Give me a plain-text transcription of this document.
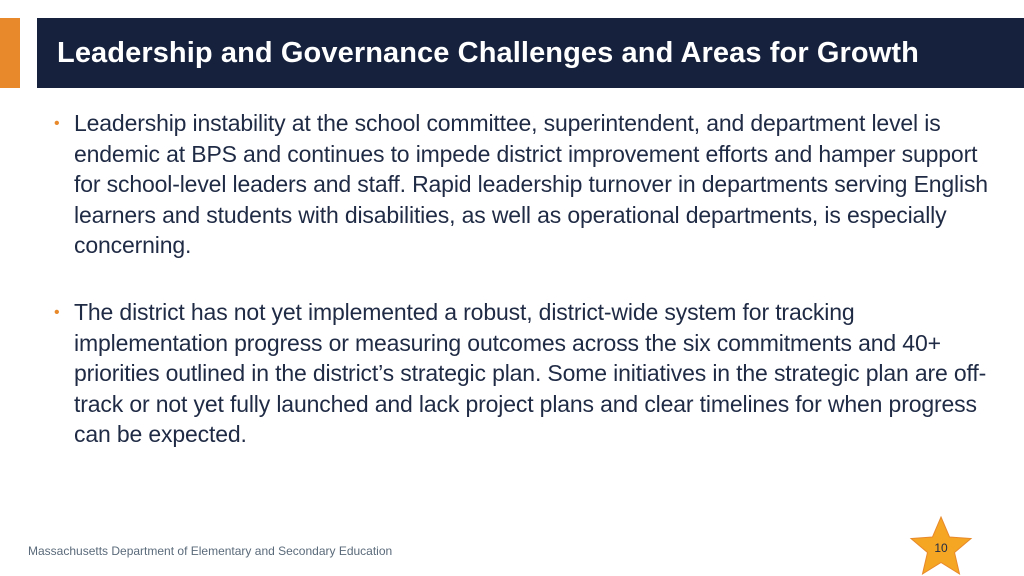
Leadership and Governance Challenges and Areas for Growth
• Leadership instability at the school committee, superintendent, and department level is endemic at BPS and continues to impede district improvement efforts and hamper support for school-level leaders and staff. Rapid leadership turnover in departments serving English learners and students with disabilities, as well as operational departments, is especially concerning.

• The district has not yet implemented a robust, district-wide system for tracking implementation progress or measuring outcomes across the six commitments and 40+ priorities outlined in the district’s strategic plan. Some initiatives in the strategic plan are off-track or not yet fully launched and lack project plans and clear timelines for when progress can be expected.

Massachusetts Department of Elementary and Secondary Education	10
